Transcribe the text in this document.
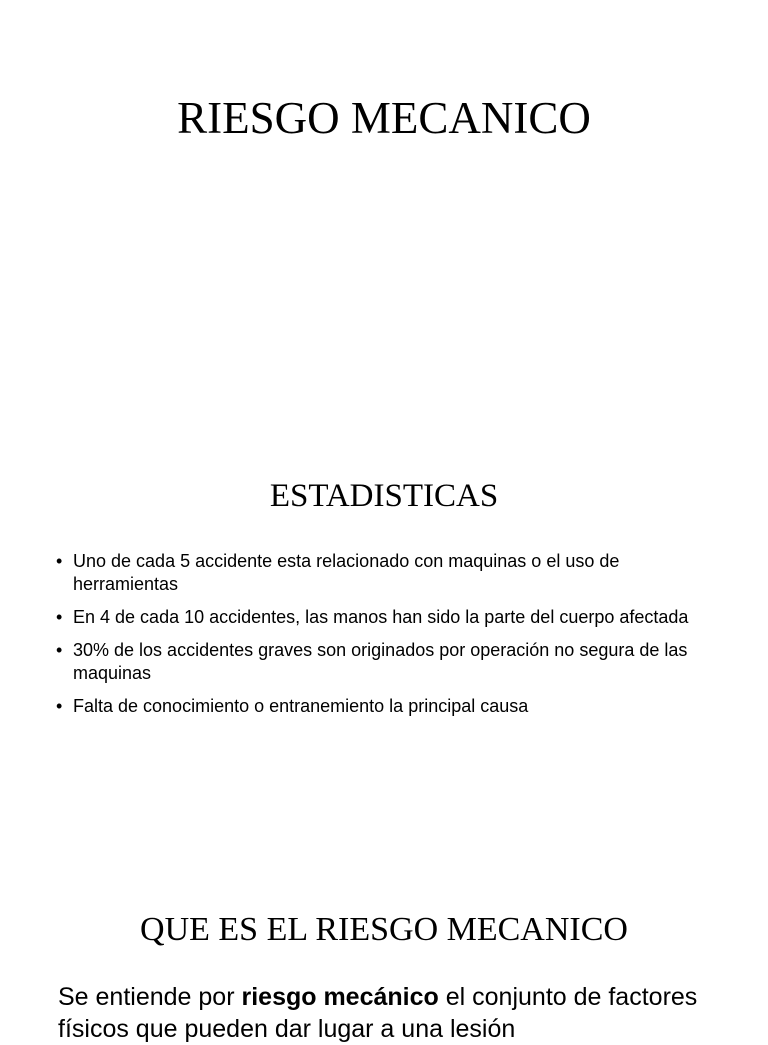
RIESGO MECANICO
ESTADISTICAS
• Uno de cada 5 accidente esta relacionado con maquinas o el uso de herramientas
• En 4 de cada 10 accidentes, las manos han sido la parte del cuerpo afectada
• 30% de los accidentes graves son originados por operación no segura de las maquinas
• Falta de conocimiento o entranemiento la principal causa
QUE ES EL RIESGO MECANICO

Se entiende por riesgo mecánico el conjunto de factores físicos que pueden dar lugar a una lesión
